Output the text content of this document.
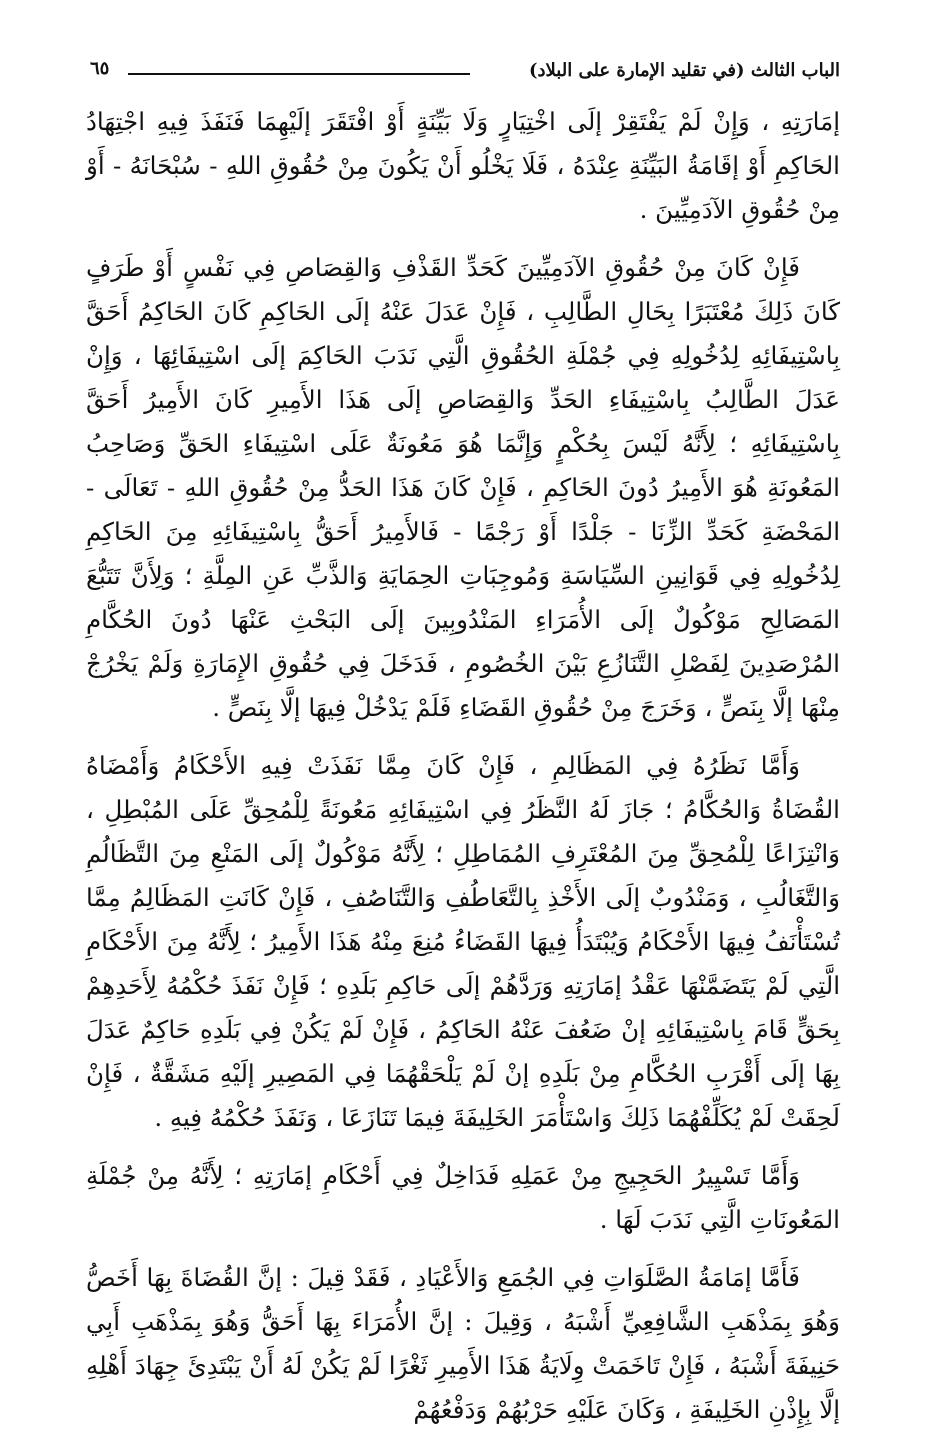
الباب الثالث (في تقليد الإمارة على البلاد)
٦٥

إمَارَتِهِ ، وَإِنْ لَمْ يَفْتَقِرْ إلَى اخْتِيَارٍ وَلَا بَيِّنَةٍ أَوْ افْتَقَرَ إلَيْهِمَا فَنَفَذَ فِيهِ اجْتِهَادُ الحَاكِمِ أَوْ إقَامَةُ البَيِّنَةِ عِنْدَهُ ، فَلَا يَخْلُو أَنْ يَكُونَ مِنْ حُقُوقِ اللهِ - سُبْحَانَهُ - أَوْ مِنْ حُقُوقِ الآدَمِيِّينَ .

فَإِنْ كَانَ مِنْ حُقُوقِ الآدَمِيِّينَ كَحَدِّ القَذْفِ وَالقِصَاصِ فِي نَفْسٍ أَوْ طَرَفٍ كَانَ ذَلِكَ مُعْتَبَرًا بِحَالِ الطَّالِبِ ، فَإِنْ عَدَلَ عَنْهُ إلَى الحَاكِمِ كَانَ الحَاكِمُ أَحَقَّ بِاسْتِيفَائِهِ لِدُخُولِهِ فِي جُمْلَةِ الحُقُوقِ الَّتِي نَدَبَ الحَاكِمَ إلَى اسْتِيفَائِهَا ، وَإِنْ عَدَلَ الطَّالِبُ بِاسْتِيفَاءِ الحَدِّ وَالقِصَاصِ إلَى هَذَا الأَمِيرِ كَانَ الأَمِيرُ أَحَقَّ بِاسْتِيفَائِهِ ؛ لِأَنَّهُ لَيْسَ بِحُكْمٍ وَإِنَّمَا هُوَ مَعُونَةٌ عَلَى اسْتِيفَاءِ الحَقِّ وَصَاحِبُ المَعُونَةِ هُوَ الأَمِيرُ دُونَ الحَاكِمِ ، فَإِنْ كَانَ هَذَا الحَدُّ مِنْ حُقُوقِ اللهِ - تَعَالَى - المَحْضَةِ كَحَدِّ الزِّنَا - جَلْدًا أَوْ رَجْمًا - فَالأَمِيرُ أَحَقُّ بِاسْتِيفَائِهِ مِنَ الحَاكِمِ لِدُخُولِهِ فِي قَوَانِينِ السِّيَاسَةِ وَمُوجِبَاتِ الحِمَايَةِ وَالذَّبِّ عَنِ المِلَّةِ ؛ وَلِأَنَّ تَتَبُّعَ المَصَالِحِ مَوْكُولٌ إلَى الأُمَرَاءِ المَنْدُوبِينَ إلَى البَحْثِ عَنْهَا دُونَ الحُكَّامِ المُرْصَدِينَ لِفَصْلِ التَّنَازُعِ بَيْنَ الخُصُومِ ، فَدَخَلَ فِي حُقُوقِ الإِمَارَةِ وَلَمْ يَخْرُجْ مِنْهَا إلَّا بِنَصٍّ ، وَخَرَجَ مِنْ حُقُوقِ القَضَاءِ فَلَمْ يَدْخُلْ فِيهَا إلَّا بِنَصٍّ .

وَأَمَّا نَظَرُهُ فِي المَظَالِمِ ، فَإِنْ كَانَ مِمَّا نَفَذَتْ فِيهِ الأَحْكَامُ وَأَمْضَاهُ القُضَاةُ وَالحُكَّامُ ؛ جَازَ لَهُ النَّظَرُ فِي اسْتِيفَائِهِ مَعُونَةً لِلْمُحِقِّ عَلَى المُبْطِلِ ، وَانْتِزَاعًا لِلْمُحِقِّ مِنَ المُعْتَرِفِ المُمَاطِلِ ؛ لِأَنَّهُ مَوْكُولٌ إلَى المَنْعِ مِنَ التَّظَالُمِ وَالتَّغَالُبِ ، وَمَنْدُوبٌ إلَى الأَخْذِ بِالتَّعَاطُفِ وَالتَّنَاصُفِ ، فَإِنْ كَانَتِ المَظَالِمُ مِمَّا تُسْتَأْنَفُ فِيهَا الأَحْكَامُ وَيُبْتَدَأُ فِيهَا القَضَاءُ مُنِعَ مِنْهُ هَذَا الأَمِيرُ ؛ لِأَنَّهُ مِنَ الأَحْكَامِ الَّتِي لَمْ يَتَضَمَّنْهَا عَقْدُ إمَارَتِهِ وَرَدَّهُمْ إلَى حَاكِمِ بَلَدِهِ ؛ فَإِنْ نَفَذَ حُكْمُهُ لِأَحَدِهِمْ بِحَقٍّ قَامَ بِاسْتِيفَائِهِ إنْ ضَعُفَ عَنْهُ الحَاكِمُ ، فَإِنْ لَمْ يَكُنْ فِي بَلَدِهِ حَاكِمٌ عَدَلَ بِهَا إلَى أَقْرَبِ الحُكَّامِ مِنْ بَلَدِهِ إنْ لَمْ يَلْحَقْهُمَا فِي المَصِيرِ إلَيْهِ مَشَقَّةٌ ، فَإِنْ لَحِقَتْ لَمْ يُكَلِّفْهُمَا ذَلِكَ وَاسْتَأْمَرَ الخَلِيفَةَ فِيمَا تَنَازَعَا ، وَنَفَذَ حُكْمُهُ فِيهِ .

وَأَمَّا تَسْيِيرُ الحَجِيجِ مِنْ عَمَلِهِ فَدَاخِلٌ فِي أَحْكَامِ إمَارَتِهِ ؛ لِأَنَّهُ مِنْ جُمْلَةِ المَعُونَاتِ الَّتِي نَدَبَ لَهَا .

فَأَمَّا إمَامَةُ الصَّلَوَاتِ فِي الجُمَعِ وَالأَعْيَادِ ، فَقَدْ قِيلَ : إنَّ القُضَاةَ بِهَا أَخَصُّ وَهُوَ بِمَذْهَبِ الشَّافِعِيِّ أَشْبَهُ ، وَقِيلَ : إنَّ الأُمَرَاءَ بِهَا أَحَقُّ وَهُوَ بِمَذْهَبِ أَبِي حَنِيفَةَ أَشْبَهُ ، فَإِنْ تَاخَمَتْ وِلَايَةُ هَذَا الأَمِيرِ ثَغْرًا لَمْ يَكُنْ لَهُ أَنْ يَبْتَدِئَ جِهَادَ أَهْلِهِ إلَّا بِإِذْنِ الخَلِيفَةِ ، وَكَانَ عَلَيْهِ حَرْبُهُمْ وَدَفْعُهُمْ
